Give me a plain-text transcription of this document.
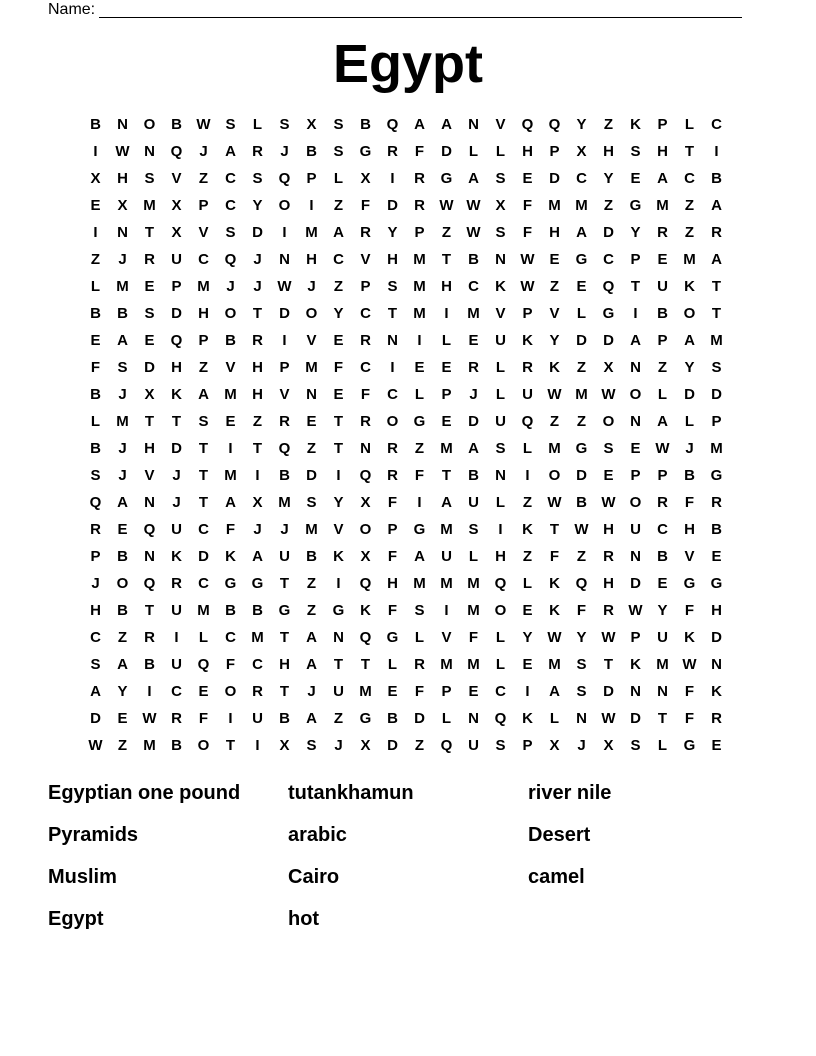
Name:
Egypt
B	N	O	B W S	L	S	X	S	B	Q	A	A	N	V	Q	Q	Y	Z	K	P	L	C
I	W N	Q	J	A	R	J	B	S	G	R	F	D	L	L	H	P	X	H	S	H	T	I
X	H	S	V	Z	C	S	Q	P	L	X	I	R	G	A	S	E	D	C	Y	E	A	C	B
E	X	M	X	P	C	Y	O	I	Z	F	D	R W W X	F	M M	Z	G M	Z	A
I	N	T	X	V	S	D	I	M	A	R	Y	P	Z	W S	F	H	A	D	Y	R	Z	R
Z	J	R	U	C	Q	J	N	H	C	V	H	M	T	B	N W E	G	C	P	E	M	A
L	M	E	P	M	J	J	W	J	Z	P	S	M	H	C	K W	Z	E	Q	T	U	K	T
B	B	S	D	H	O	T	D	O	Y	C	T	M	I	M	V	P	V	L	G	I	B	O	T
E	A	E	Q	P	B	R	I	V	E	R	N	I	L	E	U	K	Y	D	D	A	P	A	M
F	S	D	H	Z	V	H	P	M	F	C	I	E	E	R	L	R	K	Z	X	N	Z	Y	S
B	J	X	K	A	M	H	V	N	E	F	C	L	P	J	L	U W M W O	L	D	D
L	M	T	T	S	E	Z	R	E	T	R	O	G	E	D	U	Q	Z	Z	O	N	A	L	P
B	J	H	D	T	I	T	Q	Z	T	N	R	Z	M	A	S	L	M G	S	E W	J	M
S	J	V	J	T	M	I	B	D	I	Q	R	F	T	B	N	I	O	D	E	P	P	B	G
Q	A	N	J	T	A	X	M	S	Y	X	F	I	A	U	L	Z	W B W O	R	F	R
R	E	Q	U	C	F	J	J	M	V	O	P	G M	S	I	K	T	W H	U	C	H	B
P	B	N	K	D	K	A	U	B	K	X	F	A	U	L	H	Z	F	Z	R	N	B	V	E
J	O	Q	R	C	G	G	T	Z	I	Q	H	M M M Q	L	K	Q	H	D	E	G	G
H	B	T	U	M	B	B	G	Z	G	K	F	S	I	M O	E	K	F	R W Y	F	H
C	Z	R	I	L	C	M	T	A	N	Q	G	L	V	F	L	Y W Y W P	U	K	D
S	A	B	U	Q	F	C	H	A	T	T	L	R	M M	L	E	M	S	T	K	M W N
A	Y	I	C	E	O	R	T	J	U	M	E	F	P	E	C	I	A	S	D	N	N	F	K
D	E W R	F	I	U	B	A	Z	G	B	D	L	N	Q	K	L	N W D	T	F	R
W	Z	M	B	O	T	I	X	S	J	X	D	Z	Q	U	S	P	X	J	X	S	L	G	E
Egyptian one pound	tutankhamun	river nile
Pyramids	arabic	Desert
Muslim	Cairo	camel
Egypt	hot
